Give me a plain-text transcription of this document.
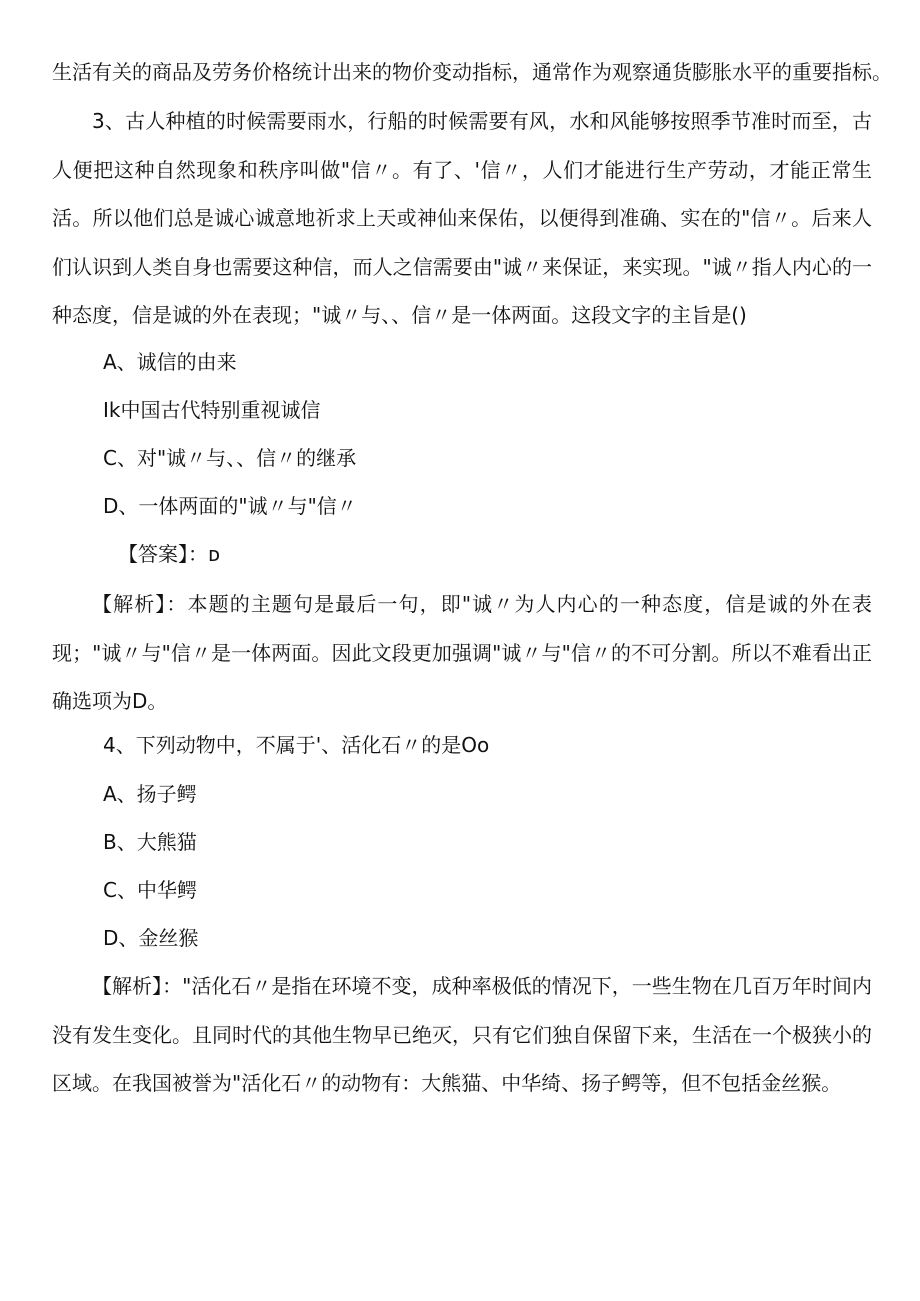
生活有关的商品及劳务价格统计出来的物价变动指标，通常作为观察通货膨胀水平的重要指标。
3、古人种植的时候需要雨水，行船的时候需要有风，水和风能够按照季节准时而至，古人便把这种自然现象和秩序叫做"信〃。有了、'信〃，人们才能进行生产劳动，才能正常生活。所以他们总是诚心诚意地祈求上天或神仙来保佑，以便得到准确、实在的"信〃。后来人们认识到人类自身也需要这种信，而人之信需要由"诚〃来保证，来实现。"诚〃指人内心的一种态度，信是诚的外在表现；"诚〃与、、信〃是一体两面。这段文字的主旨是()
A、诚信的由来
Ik中国古代特别重视诚信
C、对"诚〃与、、信〃的继承
D、一体两面的"诚〃与"信〃
【答案】：ᴅ
【解析】：本题的主题句是最后一句，即"诚〃为人内心的一种态度，信是诚的外在表现；"诚〃与"信〃是一体两面。因此文段更加强调"诚〃与"信〃的不可分割。所以不难看出正确选项为D。
4、下列动物中，不属于'、活化石〃的是Oo
A、扬子鳄
B、大熊猫
C、中华鳄
D、金丝猴
【解析】："活化石〃是指在环境不变，成种率极低的情况下，一些生物在几百万年时间内没有发生变化。且同时代的其他生物早已绝灭，只有它们独自保留下来，生活在一个极狭小的区域。在我国被誉为"活化石〃的动物有：大熊猫、中华绮、扬子鳄等，但不包括金丝猴。
